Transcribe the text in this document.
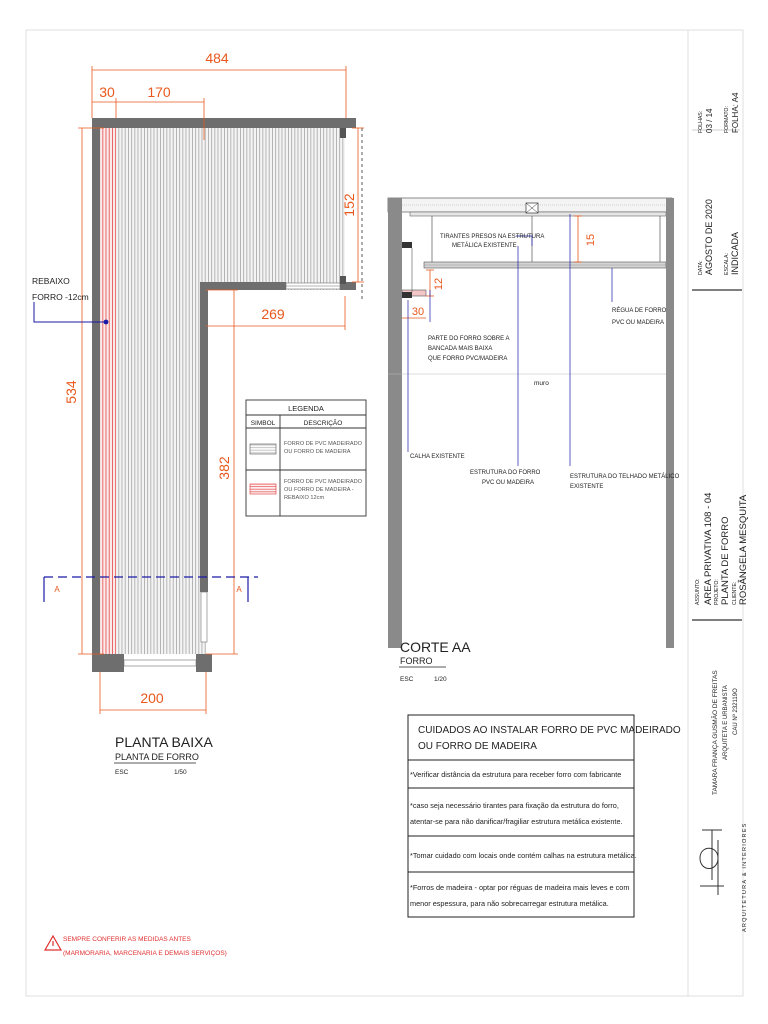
484
30 170
152
269
534
382
200
REBAIXO
FORRO -12cm
A	A
PLANTA BAIXA
PLANTA DE FORRO
ESC	1/50
LEGENDA
SIMBOL	DESCRIÇÃO
FORRO DE PVC MADEIRADO
OU FORRO DE MADEIRA
FORRO DE PVC MADEIRADO
OU FORRO DE MADEIRA -
REBAIXO 12cm
15
12
30
TIRANTES PRESOS NA ESTRUTURA
METÁLICA EXISTENTE
PARTE DO FORRO SOBRE A
BANCADA MAIS BAIXA
QUE FORRO PVC/MADEIRA
RÉGUA DE FORRO
PVC OU MADEIRA
muro
CALHA EXISTENTE
ESTRUTURA DO FORRO
PVC OU MADEIRA
ESTRUTURA DO TELHADO METÁLICO
EXISTENTE
CORTE AA
FORRO
ESC	1/20
CUIDADOS AO INSTALAR FORRO DE PVC MADEIRADO
OU FORRO DE MADEIRA
*Verificar distância da estrutura para receber forro com fabricante
*caso seja necessário tirantes para fixação da estrutura do forro,
atentar-se para não danificar/fragiliar estrutura metálica existente.
*Tomar cuidado com locais onde contém calhas na estrutura metálica.
*Forros de madeira - optar por réguas de madeira mais leves e com
menor espessura, para não sobrecarregar estrutura metálica.
SEMPRE CONFERIR AS MEDIDAS ANTES
(MARMORARIA, MARCENARIA E DEMAIS SERVIÇOS)
FOLHAS: 03 / 14 FORMATO: FOLHA: A4
DATA: AGOSTO DE 2020 ESCALA: INDICADA
ASSUNTO: AREA PRIVATIVA 108 - 04 PROJETO: PLANTA DE FORRO CLIENTE: ROSÂNGELA MESQUITA
TAMARA FRANÇA GUSMÃO DE FREITAS ARQUITETA E URBANISTA CAU Nº 232119O
ARQUITETURA & INTERIORES
